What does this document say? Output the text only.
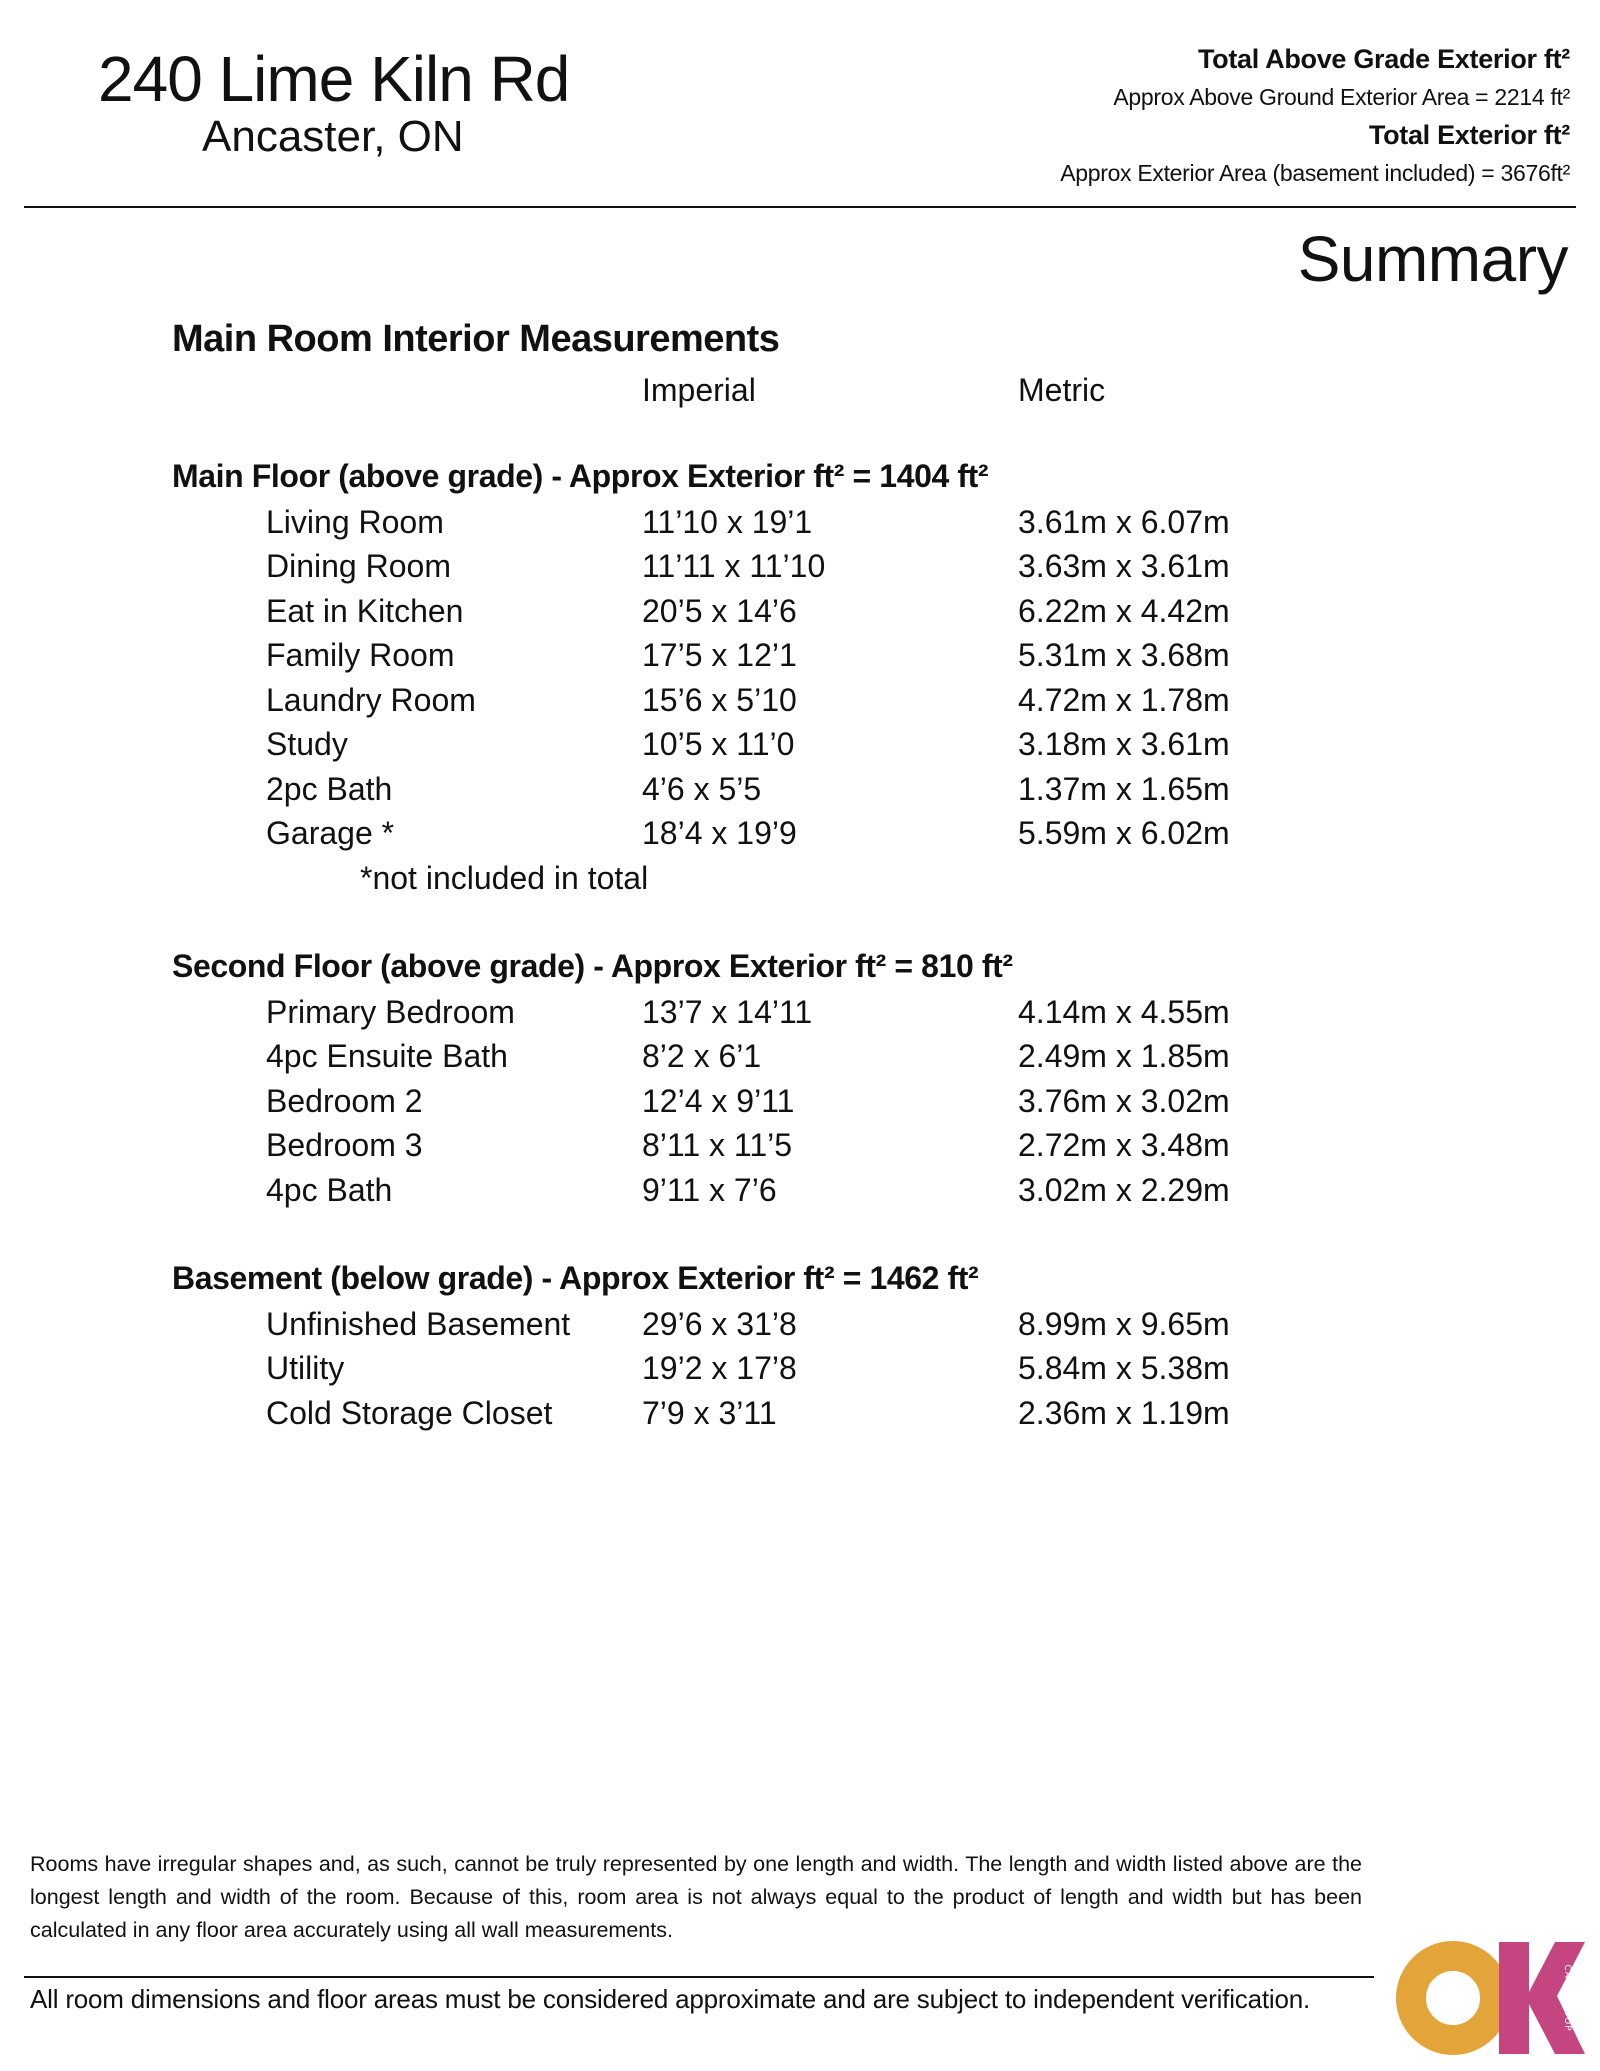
240 Lime Kiln Rd
Ancaster, ON
Total Above Grade Exterior ft²
Approx Above Ground Exterior Area = 2214 ft²
Total Exterior ft²
Approx Exterior Area (basement included) = 3676ft²
Summary
Main Room Interior Measurements
Imperial	Metric
Main Floor (above grade) - Approx Exterior ft² = 1404 ft²
Living Room	11’10 x 19’1	3.61m x 6.07m
Dining Room	11’11 x 11’10	3.63m x 3.61m
Eat in Kitchen	20’5 x 14’6	6.22m x 4.42m
Family Room	17’5 x 12’1	5.31m x 3.68m
Laundry Room	15’6 x 5’10	4.72m x 1.78m
Study	10’5 x 11’0	3.18m x 3.61m
2pc Bath	4’6 x 5’5	1.37m x 1.65m
Garage *	18’4 x 19’9	5.59m x 6.02m
*not included in total
Second Floor (above grade) - Approx Exterior ft² = 810 ft²
Primary Bedroom	13’7 x 14’11	4.14m x 4.55m
4pc Ensuite Bath	8’2 x 6’1	2.49m x 1.85m
Bedroom 2	12’4 x 9’11	3.76m x 3.02m
Bedroom 3	8’11 x 11’5	2.72m x 3.48m
4pc Bath	9’11 x 7’6	3.02m x 2.29m
Basement (below grade) - Approx Exterior ft² = 1462 ft²
Unfinished Basement 29’6 x 31’8	8.99m x 9.65m
Utility	19’2 x 17’8	5.84m x 5.38m
Cold Storage Closet	7’9 x 3’11	2.36m x 1.19m
Rooms have irregular shapes and, as such, cannot be truly represented by one length and width. The length and width listed above are the longest length and width of the room. Because of this, room area is not always equal to the product of length and width but has been calculated in any floor area accurately using all wall measurements.
All room dimensions and floor areas must be considered approximate and are subject to independent verification.	CATHY KOOP PHOTOGRAPHY
